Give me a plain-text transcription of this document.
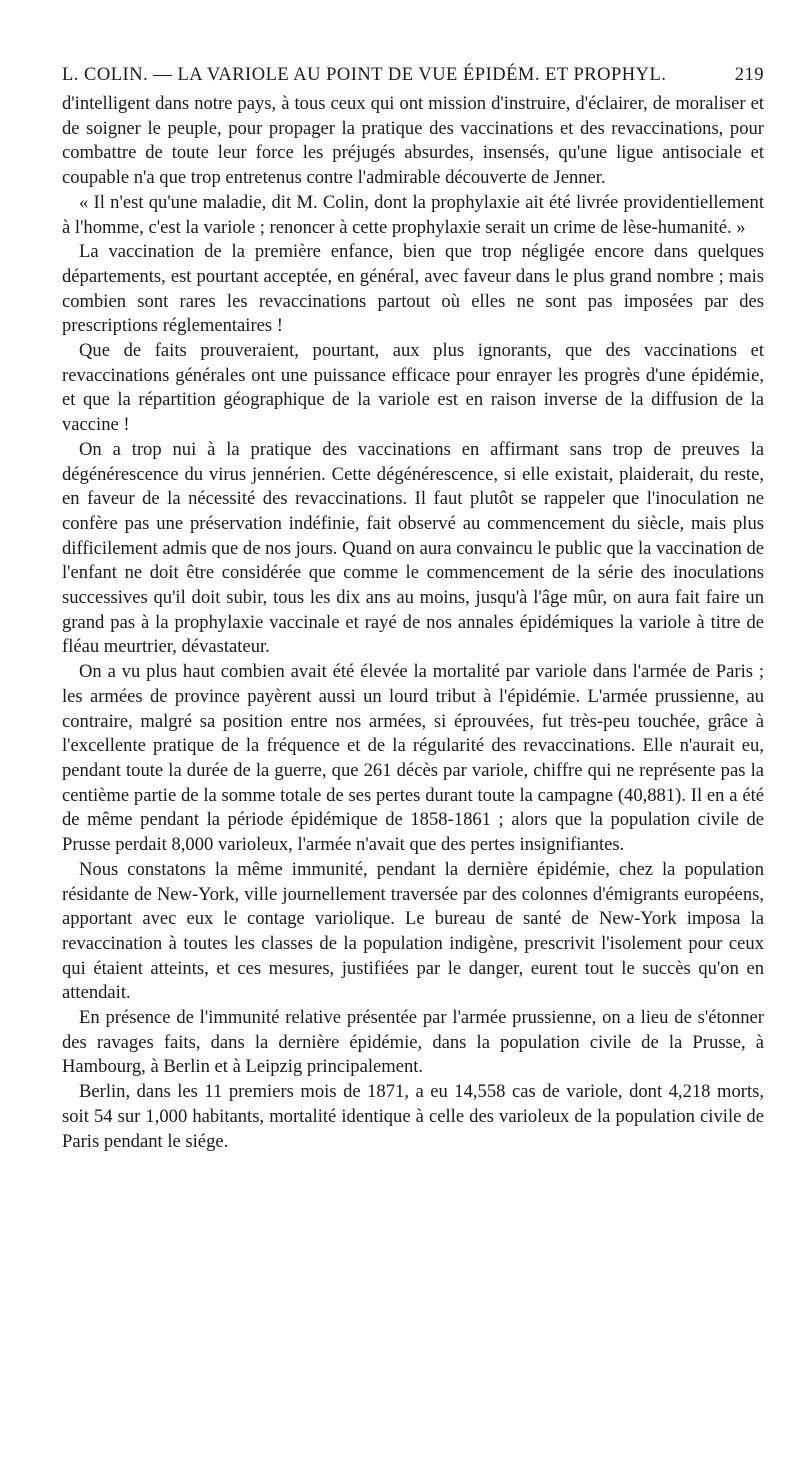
L. COLIN. — LA VARIOLE AU POINT DE VUE ÉPIDÉM. ET PROPHYL.	219

d'intelligent dans notre pays, à tous ceux qui ont mission d'instruire, d'éclairer, de moraliser et de soigner le peuple, pour propager la pratique des vaccinations et des revaccinations, pour combattre de toute leur force les préjugés absurdes, insensés, qu'une ligue antisociale et coupable n'a que trop entretenus contre l'admirable découverte de Jenner.

« Il n'est qu'une maladie, dit M. Colin, dont la prophylaxie ait été livrée providentiellement à l'homme, c'est la variole ; renoncer à cette prophylaxie serait un crime de lèse-humanité. »

La vaccination de la première enfance, bien que trop négligée encore dans quelques départements, est pourtant acceptée, en général, avec faveur dans le plus grand nombre ; mais combien sont rares les revaccinations partout où elles ne sont pas imposées par des prescriptions réglementaires !

Que de faits prouveraient, pourtant, aux plus ignorants, que des vaccinations et revaccinations générales ont une puissance efficace pour enrayer les progrès d'une épidémie, et que la répartition géographique de la variole est en raison inverse de la diffusion de la vaccine !

On a trop nui à la pratique des vaccinations en affirmant sans trop de preuves la dégénérescence du virus jennérien. Cette dégénérescence, si elle existait, plaiderait, du reste, en faveur de la nécessité des revaccinations. Il faut plutôt se rappeler que l'inoculation ne confère pas une préservation indéfinie, fait observé au commencement du siècle, mais plus difficilement admis que de nos jours. Quand on aura convaincu le public que la vaccination de l'enfant ne doit être considérée que comme le commencement de la série des inoculations successives qu'il doit subir, tous les dix ans au moins, jusqu'à l'âge mûr, on aura fait faire un grand pas à la prophylaxie vaccinale et rayé de nos annales épidémiques la variole à titre de fléau meurtrier, dévastateur.

On a vu plus haut combien avait été élevée la mortalité par variole dans l'armée de Paris ; les armées de province payèrent aussi un lourd tribut à l'épidémie. L'armée prussienne, au contraire, malgré sa position entre nos armées, si éprouvées, fut très-peu touchée, grâce à l'excellente pratique de la fréquence et de la régularité des revaccinations. Elle n'aurait eu, pendant toute la durée de la guerre, que 261 décès par variole, chiffre qui ne représente pas la centième partie de la somme totale de ses pertes durant toute la campagne (40,881). Il en a été de même pendant la période épidémique de 1858-1861 ; alors que la population civile de Prusse perdait 8,000 varioleux, l'armée n'avait que des pertes insignifiantes.

Nous constatons la même immunité, pendant la dernière épidémie, chez la population résidante de New-York, ville journellement traversée par des colonnes d'émigrants européens, apportant avec eux le contage variolique. Le bureau de santé de New-York imposa la revaccination à toutes les classes de la population indigène, prescrivit l'isolement pour ceux qui étaient atteints, et ces mesures, justifiées par le danger, eurent tout le succès qu'on en attendait.

En présence de l'immunité relative présentée par l'armée prussienne, on a lieu de s'étonner des ravages faits, dans la dernière épidémie, dans la population civile de la Prusse, à Hambourg, à Berlin et à Leipzig principalement.

Berlin, dans les 11 premiers mois de 1871, a eu 14,558 cas de variole, dont 4,218 morts, soit 54 sur 1,000 habitants, mortalité identique à celle des varioleux de la population civile de Paris pendant le siége.
